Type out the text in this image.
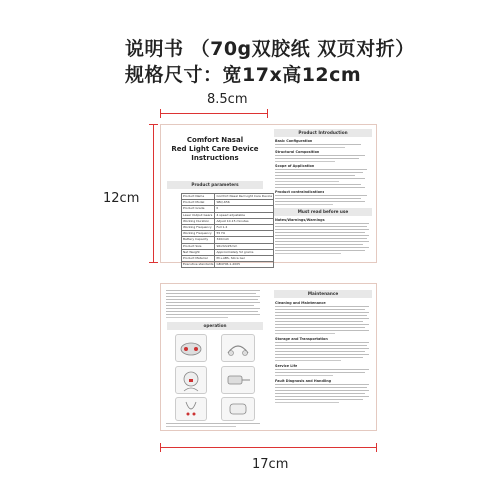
说明书 （70g双胶纸 双页对折）
规格尺寸：宽17x高12cm
8.5cm
12cm
17cm
Comfort Nasal
Red Light Care Device
Instructions
Product parameters
Product Name	Comfort Nasal Red Light Care Device
Product Model	SBQ-656
Product Grade	ⅠⅠ
Laser Output Gears	4 speed adjustable
Working Duration	Adjust 10-15 minutes
Working Frequency	Full 1.4
Working Frequency	55 Hz
Battery Capacity	320mAh
Product Size	96x32x25mm
Net Weight	Approximately 52 grams
Product Material	PC+ABS, Silica Gel
Executive standards	GB4706.1-2005
Product Introduction
Basic Configuration
Structural Composition
Scope of Application
Product contraindications
Must read before use
Notes/Warnings/Warnings
operation
Maintenance
Cleaning and Maintenance
Storage and Transportation
Service Life
Fault Diagnosis and Handling
